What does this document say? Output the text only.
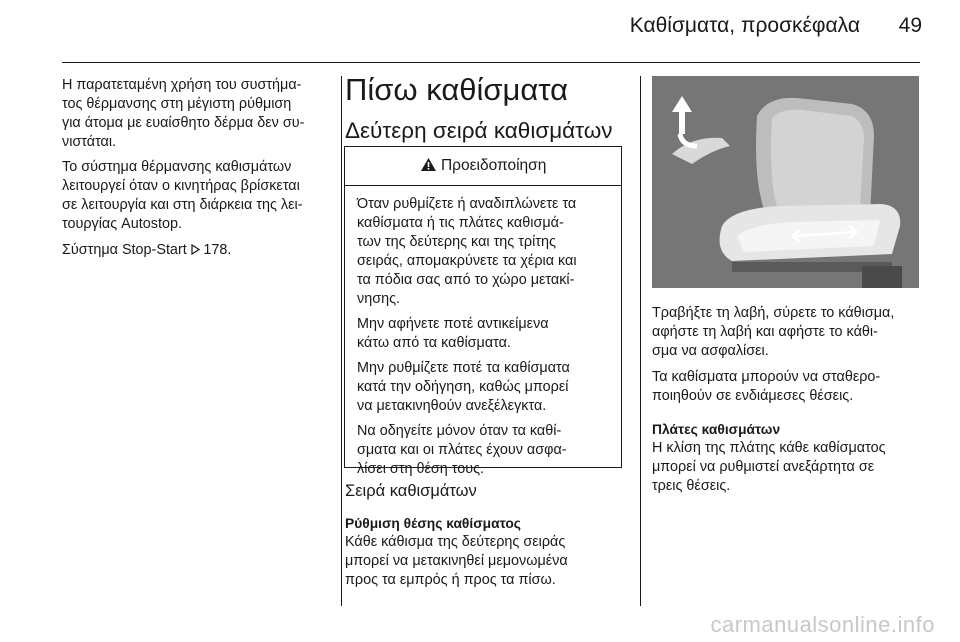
Καθίσματα, προσκέφαλα	49

Η παρατεταμένη χρήση του συστήμα-
τος θέρμανσης στη μέγιστη ρύθμιση
για άτομα με ευαίσθητο δέρμα δεν συ-
νιστάται.

Το σύστημα θέρμανσης καθισμάτων
λειτουργεί όταν ο κινητήρας βρίσκεται
σε λειτουργία και στη διάρκεια της λει-
τουργίας Autostop.

Σύστημα Stop-Start 178.

Πίσω καθίσματα
Δεύτερη σειρά καθισμάτων
Προειδοποίηση

Όταν ρυθμίζετε ή αναδιπλώνετε τα
καθίσματα ή τις πλάτες καθισμά-
των της δεύτερης και της τρίτης
σειράς, απομακρύνετε τα χέρια και
τα πόδια σας από το χώρο μετακί-
νησης.

Μην αφήνετε ποτέ αντικείμενα
κάτω από τα καθίσματα.

Μην ρυθμίζετε ποτέ τα καθίσματα
κατά την οδήγηση, καθώς μπορεί
να μετακινηθούν ανεξέλεγκτα.

Να οδηγείτε μόνον όταν τα καθί-
σματα και οι πλάτες έχουν ασφα-
λίσει στη θέση τους.

Σειρά καθισμάτων

Ρύθμιση θέσης καθίσματος

Κάθε κάθισμα της δεύτερης σειράς
μπορεί να μετακινηθεί μεμονωμένα
προς τα εμπρός ή προς τα πίσω.

Τραβήξτε τη λαβή, σύρετε το κάθισμα,
αφήστε τη λαβή και αφήστε το κάθι-
σμα να ασφαλίσει.

Τα καθίσματα μπορούν να σταθερο-
ποιηθούν σε ενδιάμεσες θέσεις.

Πλάτες καθισμάτων

Η κλίση της πλάτης κάθε καθίσματος
μπορεί να ρυθμιστεί ανεξάρτητα σε
τρεις θέσεις.

carmanualsonline.info
